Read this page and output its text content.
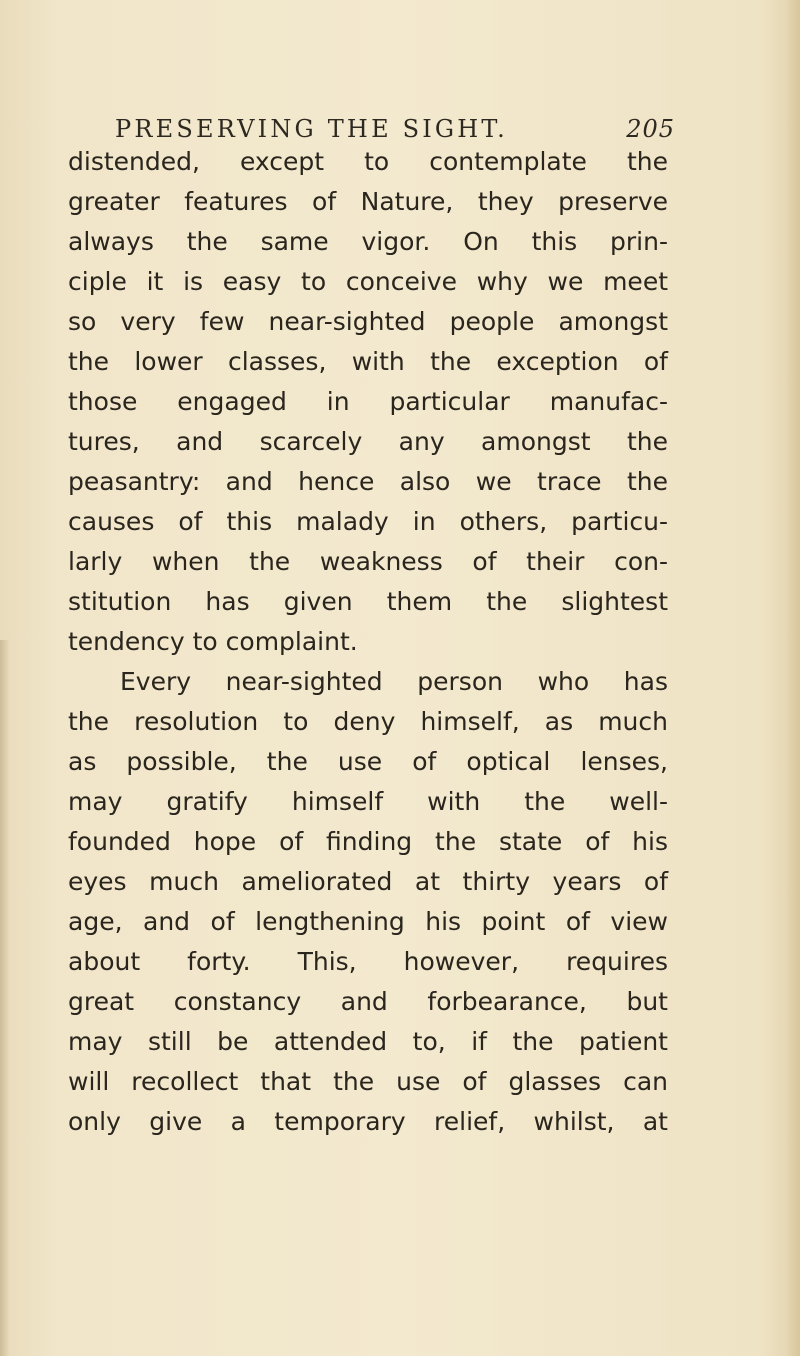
PRESERVING THE SIGHT.	205
distended, except to contemplate the
greater features of Nature, they preserve
always the same vigor. On this prin-
ciple it is easy to conceive why we meet
so very few near-sighted people amongst
the lower classes, with the exception of
those engaged in particular manufac-
tures, and scarcely any amongst the
peasantry: and hence also we trace the
causes of this malady in others, particu-
larly when the weakness of their con-
stitution has given them the slightest
tendency to complaint.
Every near-sighted person who has
the resolution to deny himself, as much
as possible, the use of optical lenses,
may gratify himself with the well-
founded hope of finding the state of his
eyes much ameliorated at thirty years of
age, and of lengthening his point of view
about forty. This, however, requires
great constancy and forbearance, but
may still be attended to, if the patient
will recollect that the use of glasses can
only give a temporary relief, whilst, at
